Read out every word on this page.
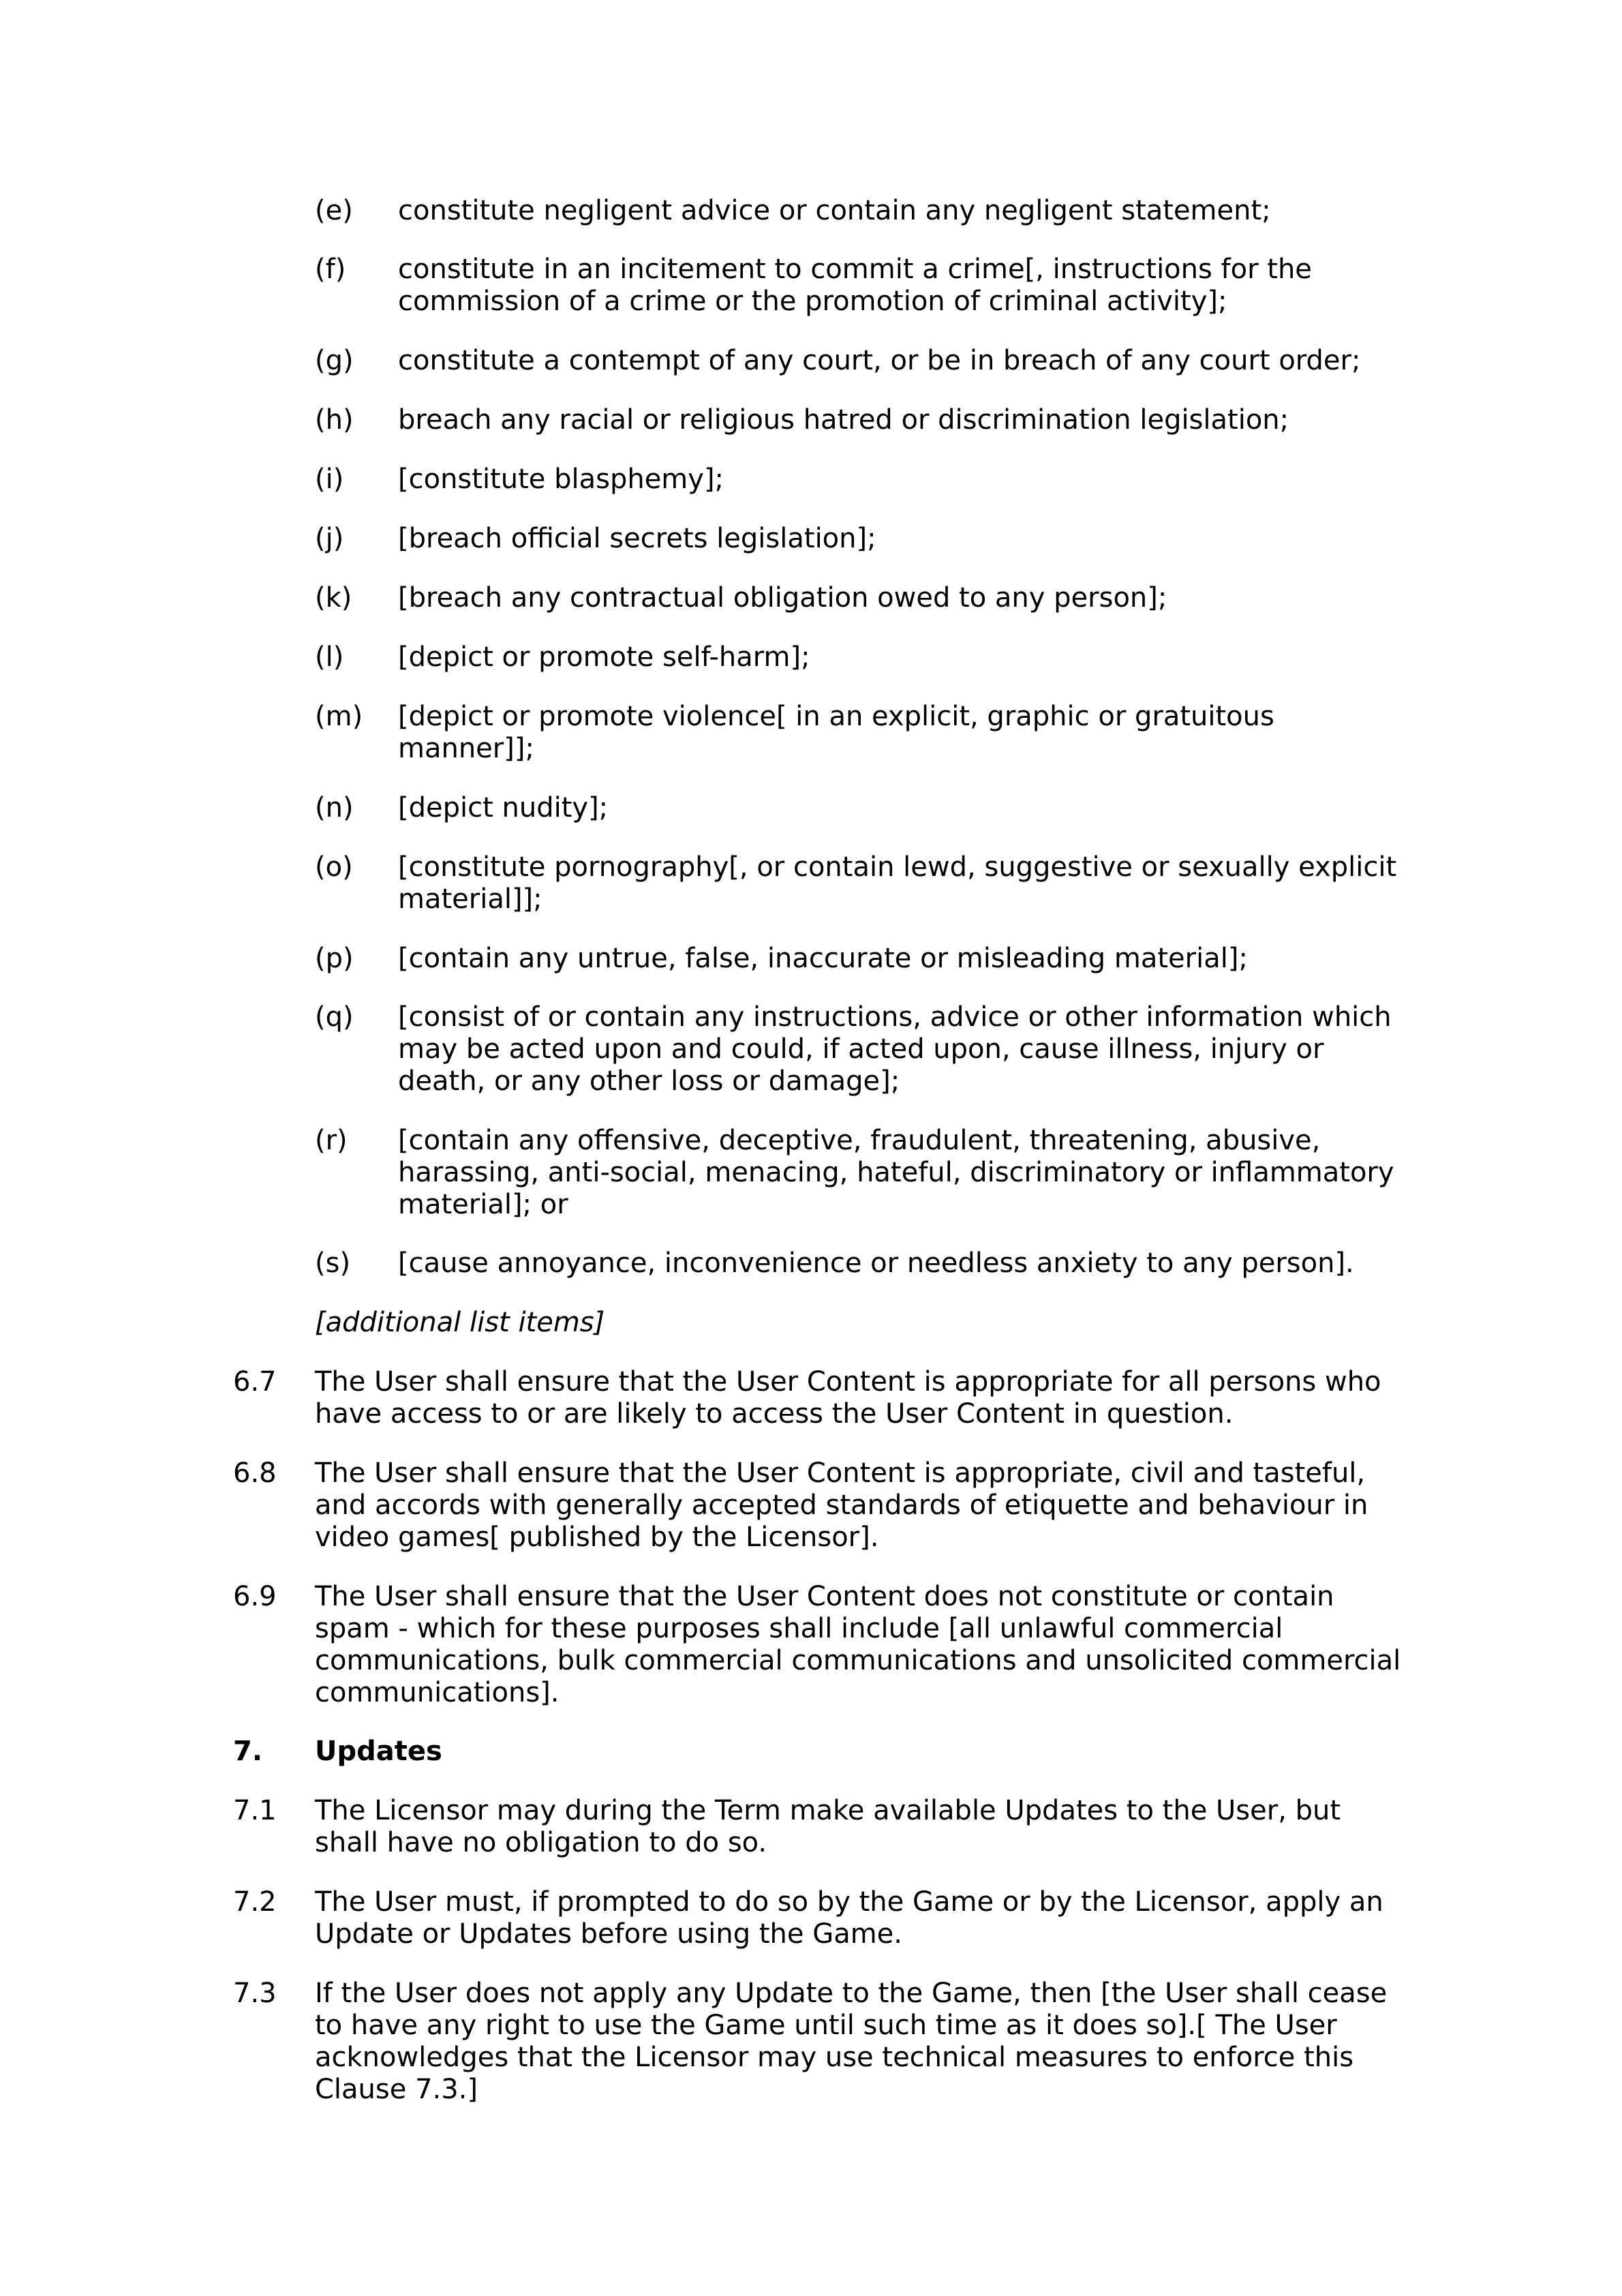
(e) constitute negligent advice or contain any negligent statement;
(f) constitute in an incitement to commit a crime[, instructions for the commission of a crime or the promotion of criminal activity];
(g) constitute a contempt of any court, or be in breach of any court order;
(h) breach any racial or religious hatred or discrimination legislation;
(i) [constitute blasphemy];
(j) [breach official secrets legislation];
(k) [breach any contractual obligation owed to any person];
(l) [depict or promote self-harm];
(m) [depict or promote violence[ in an explicit, graphic or gratuitous manner]];
(n) [depict nudity];
(o) [constitute pornography[, or contain lewd, suggestive or sexually explicit material]];
(p) [contain any untrue, false, inaccurate or misleading material];
(q) [consist of or contain any instructions, advice or other information which may be acted upon and could, if acted upon, cause illness, injury or death, or any other loss or damage];
(r) [contain any offensive, deceptive, fraudulent, threatening, abusive, harassing, anti-social, menacing, hateful, discriminatory or inflammatory material]; or
(s) [cause annoyance, inconvenience or needless anxiety to any person].
[additional list items]
6.7 The User shall ensure that the User Content is appropriate for all persons who have access to or are likely to access the User Content in question.
6.8 The User shall ensure that the User Content is appropriate, civil and tasteful, and accords with generally accepted standards of etiquette and behaviour in video games[ published by the Licensor].
6.9 The User shall ensure that the User Content does not constitute or contain spam - which for these purposes shall include [all unlawful commercial communications, bulk commercial communications and unsolicited commercial communications].
7. Updates
7.1 The Licensor may during the Term make available Updates to the User, but shall have no obligation to do so.
7.2 The User must, if prompted to do so by the Game or by the Licensor, apply an Update or Updates before using the Game.
7.3 If the User does not apply any Update to the Game, then [the User shall cease to have any right to use the Game until such time as it does so].[ The User acknowledges that the Licensor may use technical measures to enforce this Clause 7.3.]
